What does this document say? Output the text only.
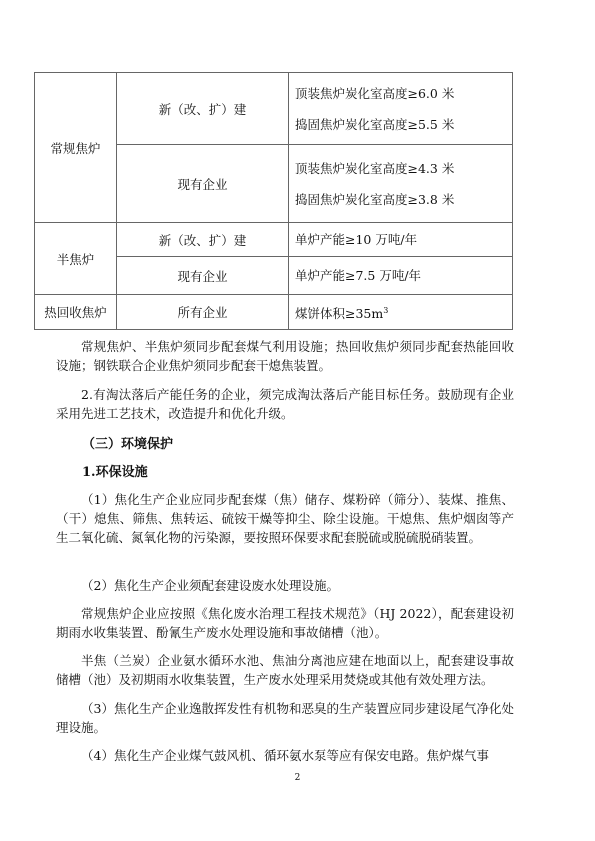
常规焦炉	新（改、扩）建	顶装焦炉炭化室高度≥6.0 米
捣固焦炉炭化室高度≥5.5 米

	现有企业	顶装焦炉炭化室高度≥4.3 米
捣固焦炉炭化室高度≥3.8 米

半焦炉	新（改、扩）建	单炉产能≥10 万吨/年

	现有企业	单炉产能≥7.5 万吨/年

热回收焦炉	所有企业	煤饼体积$\ge 35m^3$
常规焦炉、半焦炉须同步配套煤气利用设施；热回收焦炉须同步配套热能回收设施；钢铁联合企业焦炉须同步配套干熄焦装置。
2.有淘汰落后产能任务的企业，须完成淘汰落后产能目标任务。鼓励现有企业采用先进工艺技术，改造提升和优化升级。
（三）环境保护
1.环保设施
（1）焦化生产企业应同步配套煤（焦）储存、煤粉碎（筛分）、装煤、推焦、（干）熄焦、筛焦、焦转运、硫铵干燥等抑尘、除尘设施。干熄焦、焦炉烟囱等产生二氧化硫、氮氧化物的污染源，要按照环保要求配套脱硫或脱硫脱硝装置。
（2）焦化生产企业须配套建设废水处理设施。
常规焦炉企业应按照《焦化废水治理工程技术规范》（HJ 2022），配套建设初期雨水收集装置、酚氰生产废水处理设施和事故储槽（池）。
半焦（兰炭）企业氨水循环水池、焦油分离池应建在地面以上，配套建设事故储槽（池）及初期雨水收集装置，生产废水处理采用焚烧或其他有效处理方法。
（3）焦化生产企业逸散挥发性有机物和恶臭的生产装置应同步建设尾气净化处理设施。
（4）焦化生产企业煤气鼓风机、循环氨水泵等应有保安电路。焦炉煤气事
2
